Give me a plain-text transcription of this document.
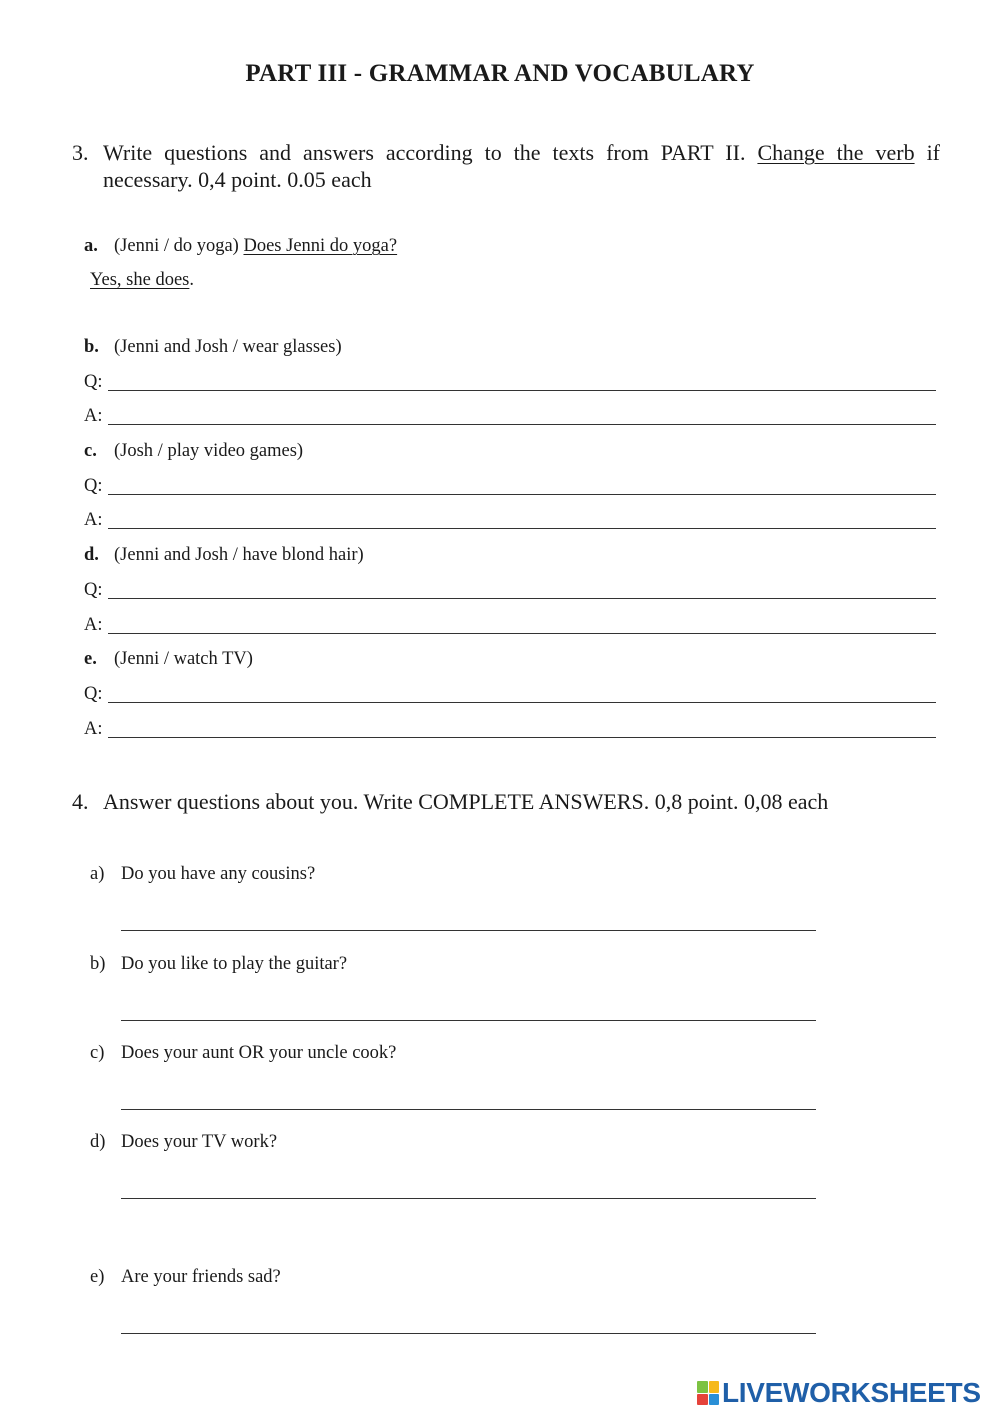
PART III - GRAMMAR AND VOCABULARY
3. Write questions and answers according to the texts from PART II. Change the verb if necessary. 0,4 point. 0.05 each
a. (Jenni / do yoga) Does Jenni do yoga?
Yes, she does.
b. (Jenni and Josh / wear glasses)
Q:
A:
c. (Josh / play video games)
Q:
A:
d. (Jenni and Josh / have blond hair)
Q:
A:
e. (Jenni / watch TV)
Q:
A:
4. Answer questions about you. Write COMPLETE ANSWERS. 0,8 point. 0,08 each
a) Do you have any cousins?
b) Do you like to play the guitar?
c) Does your aunt OR your uncle cook?
d) Does your TV work?
e) Are your friends sad?
LIVEWORKSHEETS
